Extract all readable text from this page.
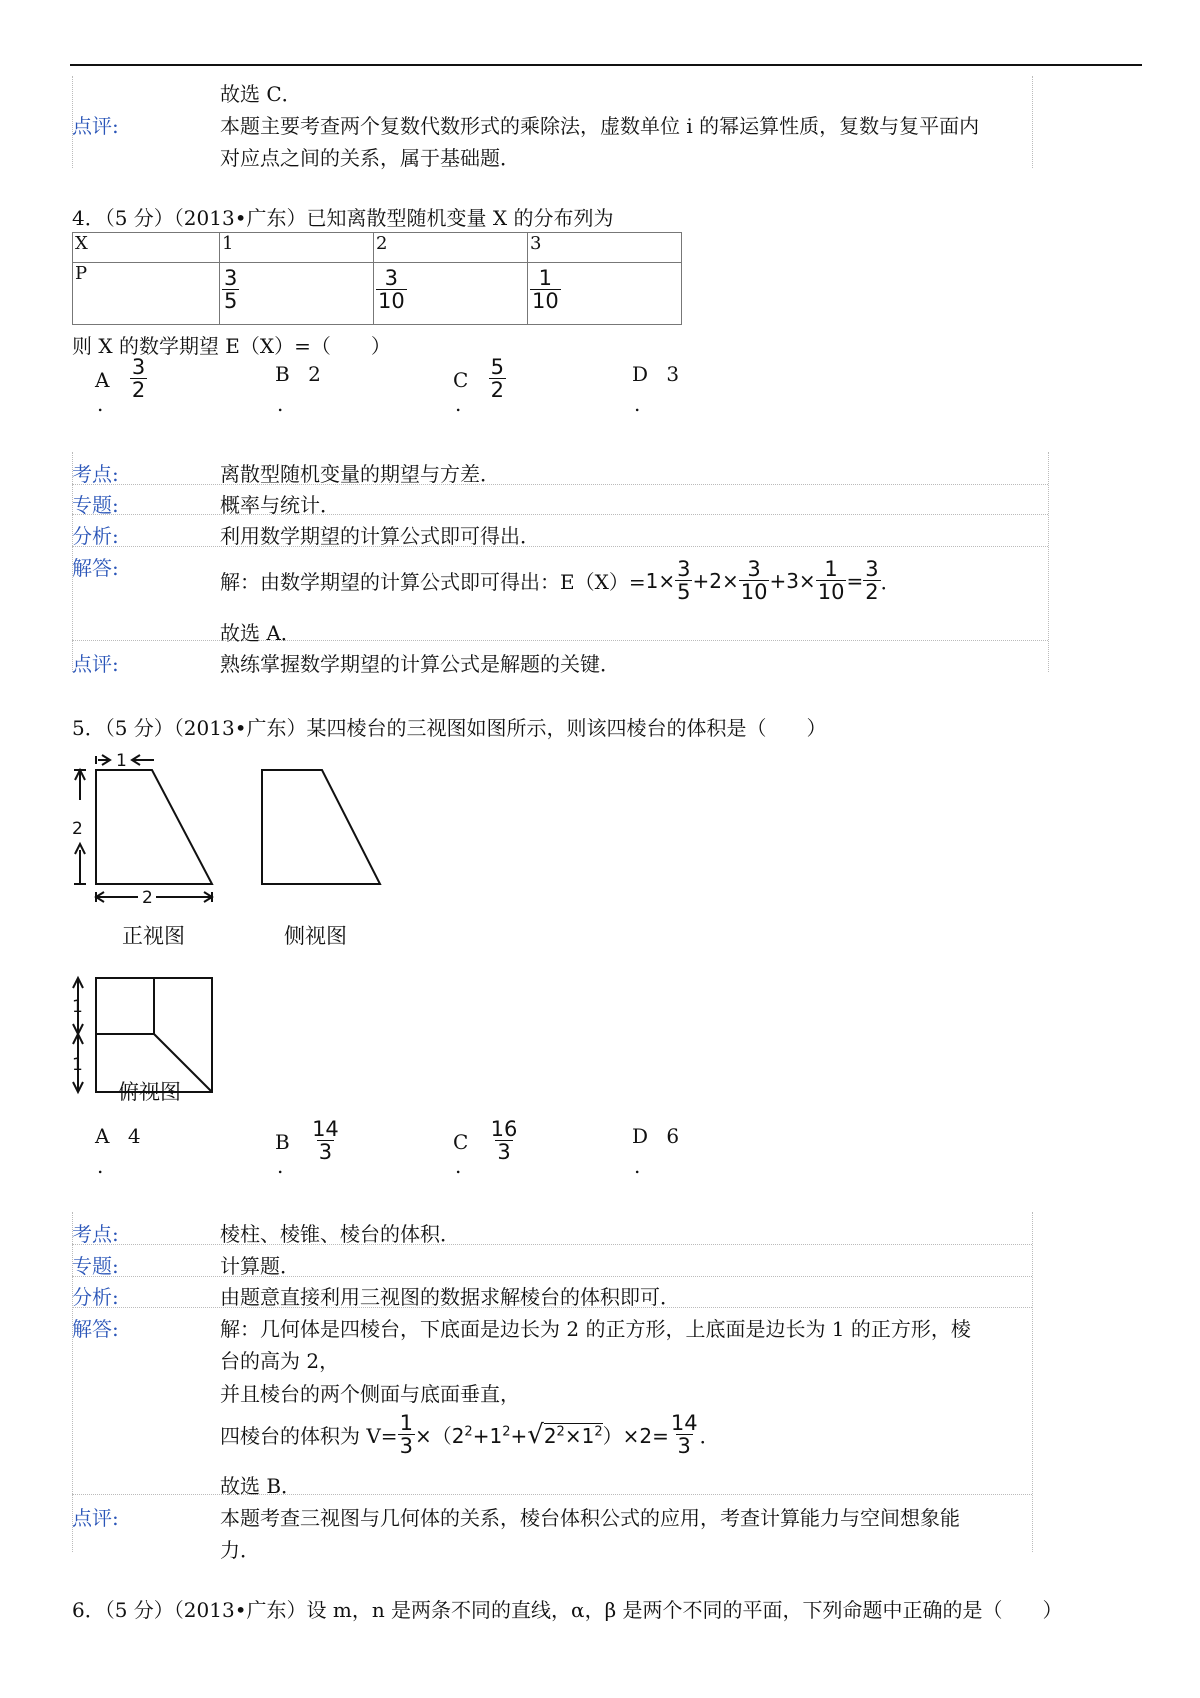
故选 C．
点评:	本题主要考查两个复数代数形式的乘除法，虚数单位 i 的幂运算性质，复数与复平面内
对应点之间的关系，属于基础题．
4．（5 分）（2013•广东）已知离散型随机变量 X 的分布列为
X	1	2	3
P	$\frac{3}{5}$	$\frac{3}{10}$	$\frac{1}{10}$
则 X 的数学期望 E（X）=（　　）
A $\frac{3}{2}$
.
B 2
.
C $\frac{5}{2}$
.
D 3
.
考点:	离散型随机变量的期望与方差．
专题:	概率与统计．
分析:	利用数学期望的计算公式即可得出．
解答:
解：由数学期望的计算公式即可得出：$E(X)= 1\times \frac{3}{5} +2\times \frac{3}{10} +3\times \frac{1}{10} = \frac{3}{2}$ ．
故选 A．
点评:	熟练掌握数学期望的计算公式是解题的关键．
5．（5 分）（2013•广东）某四棱台的三视图如图所示，则该四棱台的体积是（　　）
1
2
2
1
1
正视图	侧视图
俯视图
A 4
.
B $\frac{14}{3}$
.
C $\frac{16}{3}$
.
D 6
.
考点:	棱柱、棱锥、棱台的体积．
专题:	计算题．
分析:	由题意直接利用三视图的数据求解棱台的体积即可．
解答:	解：几何体是四棱台，下底面是边长为 2 的正方形，上底面是边长为 1 的正方形，棱
台的高为 2，
并且棱台的两个侧面与底面垂直，
四棱台的体积为 $V= \frac{1}{3} \times(2$ $^2+1^2+√2^2\times 1^2$ ）$\times 2= \frac{14}{3}$ ．
故选 B．
点评:	本题考查三视图与几何体的关系，棱台体积公式的应用，考查计算能力与空间想象能
力．
6．（5 分）（2013•广东）设 m，n 是两条不同的直线，α，β 是两个不同的平面，下列命题中正确的是（　　）
